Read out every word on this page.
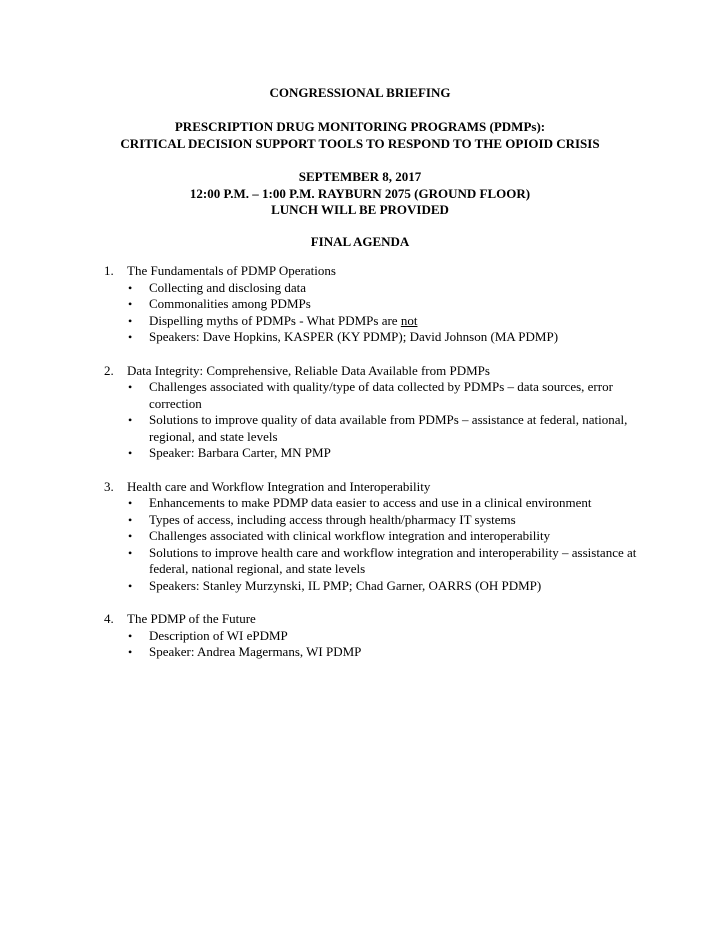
CONGRESSIONAL BRIEFING
PRESCRIPTION DRUG MONITORING PROGRAMS (PDMPs):
CRITICAL DECISION SUPPORT TOOLS TO RESPOND TO THE OPIOID CRISIS
SEPTEMBER 8, 2017
12:00 P.M. – 1:00 P.M. RAYBURN 2075 (GROUND FLOOR)
LUNCH WILL BE PROVIDED
FINAL AGENDA
1.	The Fundamentals of PDMP Operations
•	Collecting and disclosing data
•	Commonalities among PDMPs
•	Dispelling myths of PDMPs - What PDMPs are not
•	Speakers: Dave Hopkins, KASPER (KY PDMP); David Johnson (MA PDMP)
2.	Data Integrity: Comprehensive, Reliable Data Available from PDMPs
•	Challenges associated with quality/type of data collected by PDMPs – data sources, error correction
•	Solutions to improve quality of data available from PDMPs – assistance at federal, national, regional, and state levels
•	Speaker: Barbara Carter, MN PMP
3.	Health care and Workflow Integration and Interoperability
•	Enhancements to make PDMP data easier to access and use in a clinical environment
•	Types of access, including access through health/pharmacy IT systems
•	Challenges associated with clinical workflow integration and interoperability
•	Solutions to improve health care and workflow integration and interoperability – assistance at federal, national regional, and state levels
•	Speakers: Stanley Murzynski, IL PMP; Chad Garner, OARRS (OH PDMP)
4.	The PDMP of the Future
•	Description of WI ePDMP
•	Speaker: Andrea Magermans, WI PDMP
